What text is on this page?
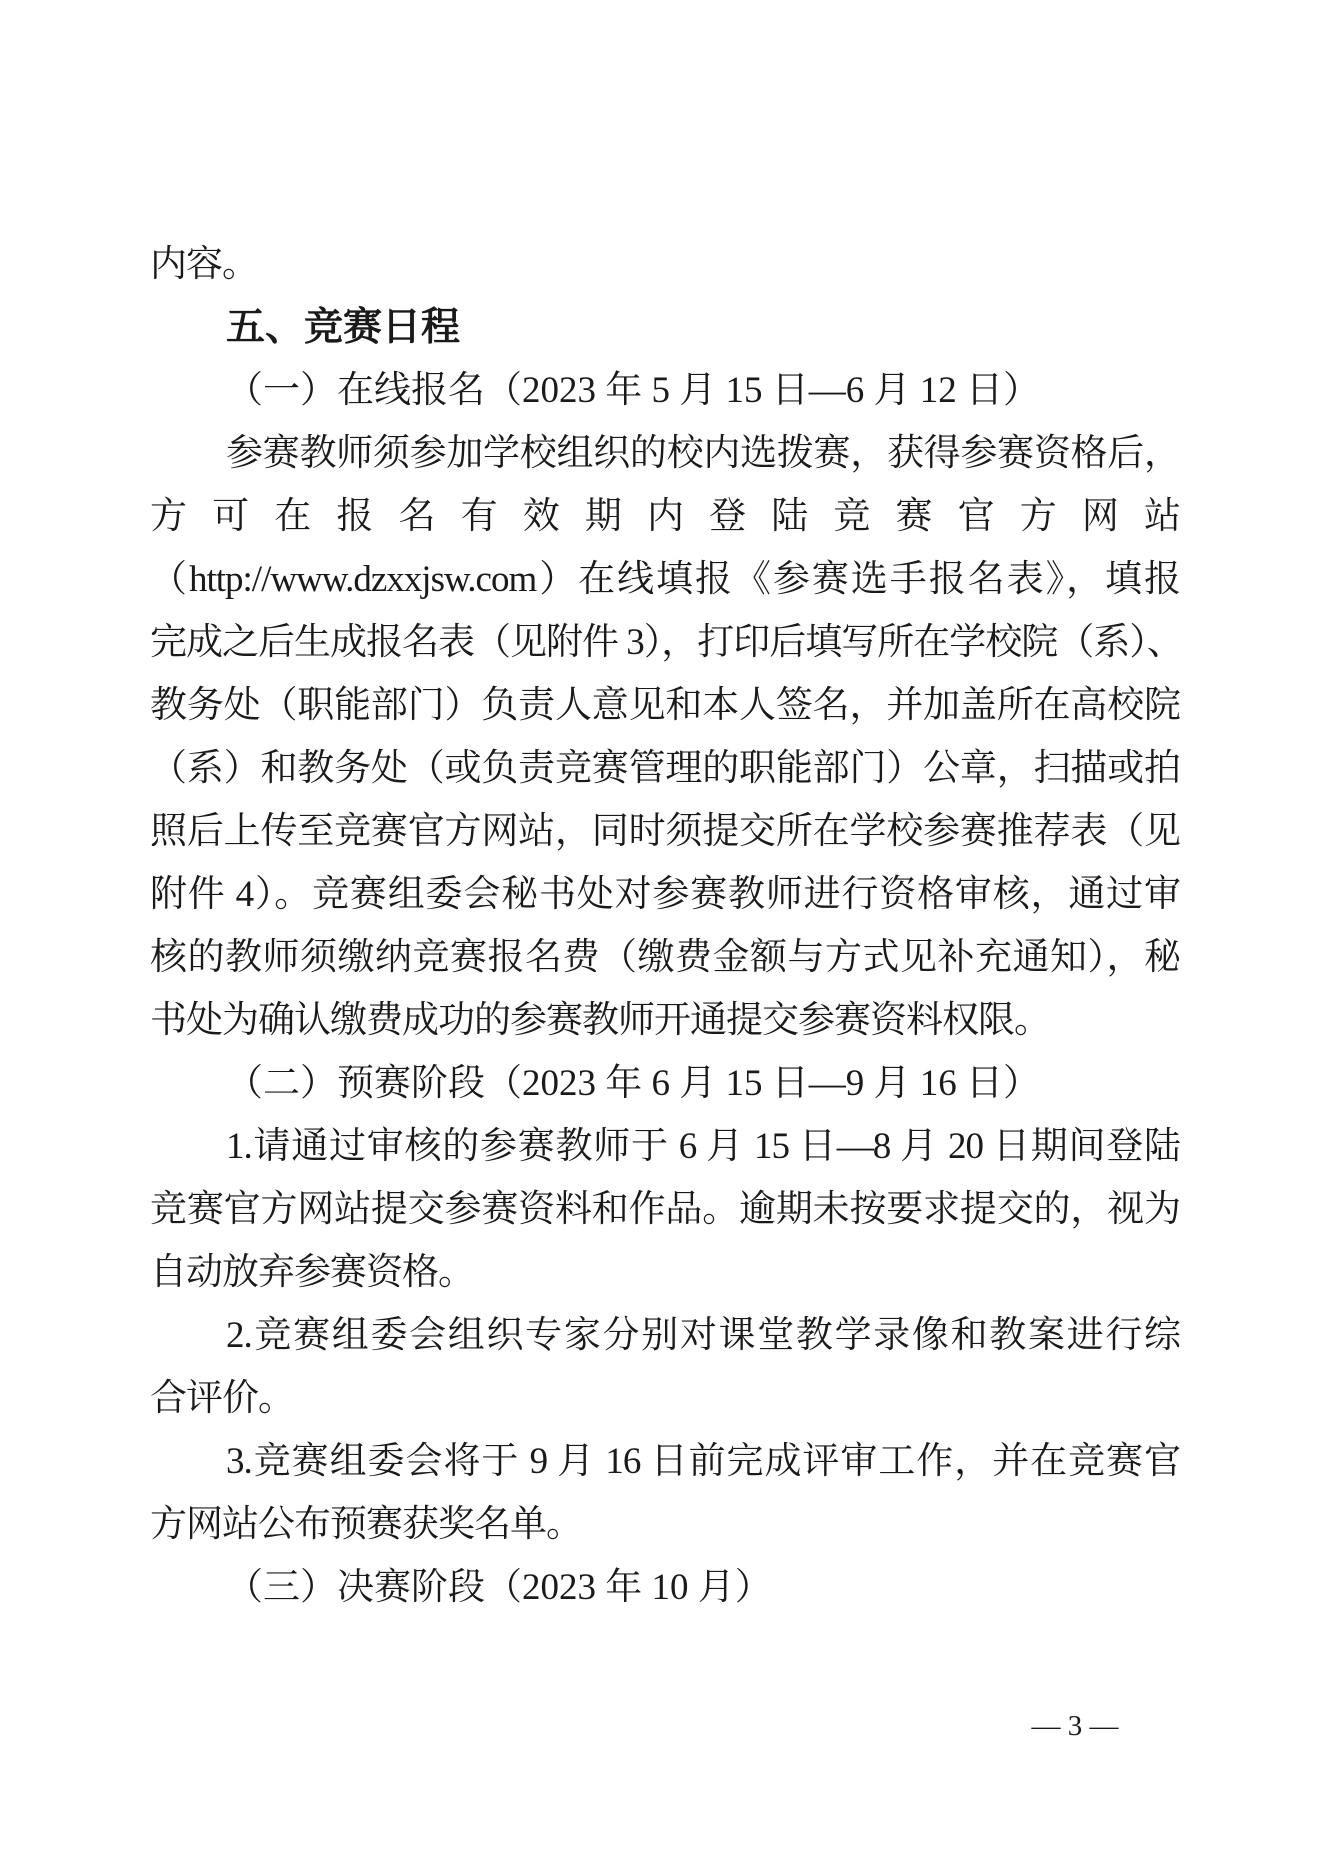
内容。
五、竞赛日程
（一）在线报名（2023 年 5 月 15 日—6 月 12 日）
参赛教师须参加学校组织的校内选拨赛，获得参赛资格后，
方可在报名有效期内登陆竞赛官方网站
（http://www.dzxxjsw.com）在线填报《参赛选手报名表》，填报
完成之后生成报名表（见附件 3），打印后填写所在学校院（系）、
教务处（职能部门）负责人意见和本人签名，并加盖所在高校院
（系）和教务处（或负责竞赛管理的职能部门）公章，扫描或拍
照后上传至竞赛官方网站，同时须提交所在学校参赛推荐表（见
附件 4）。竞赛组委会秘书处对参赛教师进行资格审核，通过审
核的教师须缴纳竞赛报名费（缴费金额与方式见补充通知），秘
书处为确认缴费成功的参赛教师开通提交参赛资料权限。
（二）预赛阶段（2023 年 6 月 15 日—9 月 16 日）
1.请通过审核的参赛教师于 6 月 15 日—8 月 20 日期间登陆
竞赛官方网站提交参赛资料和作品。逾期未按要求提交的，视为
自动放弃参赛资格。
2.竞赛组委会组织专家分别对课堂教学录像和教案进行综
合评价。
3.竞赛组委会将于 9 月 16 日前完成评审工作，并在竞赛官
方网站公布预赛获奖名单。
（三）决赛阶段（2023 年 10 月）
— 3 —
